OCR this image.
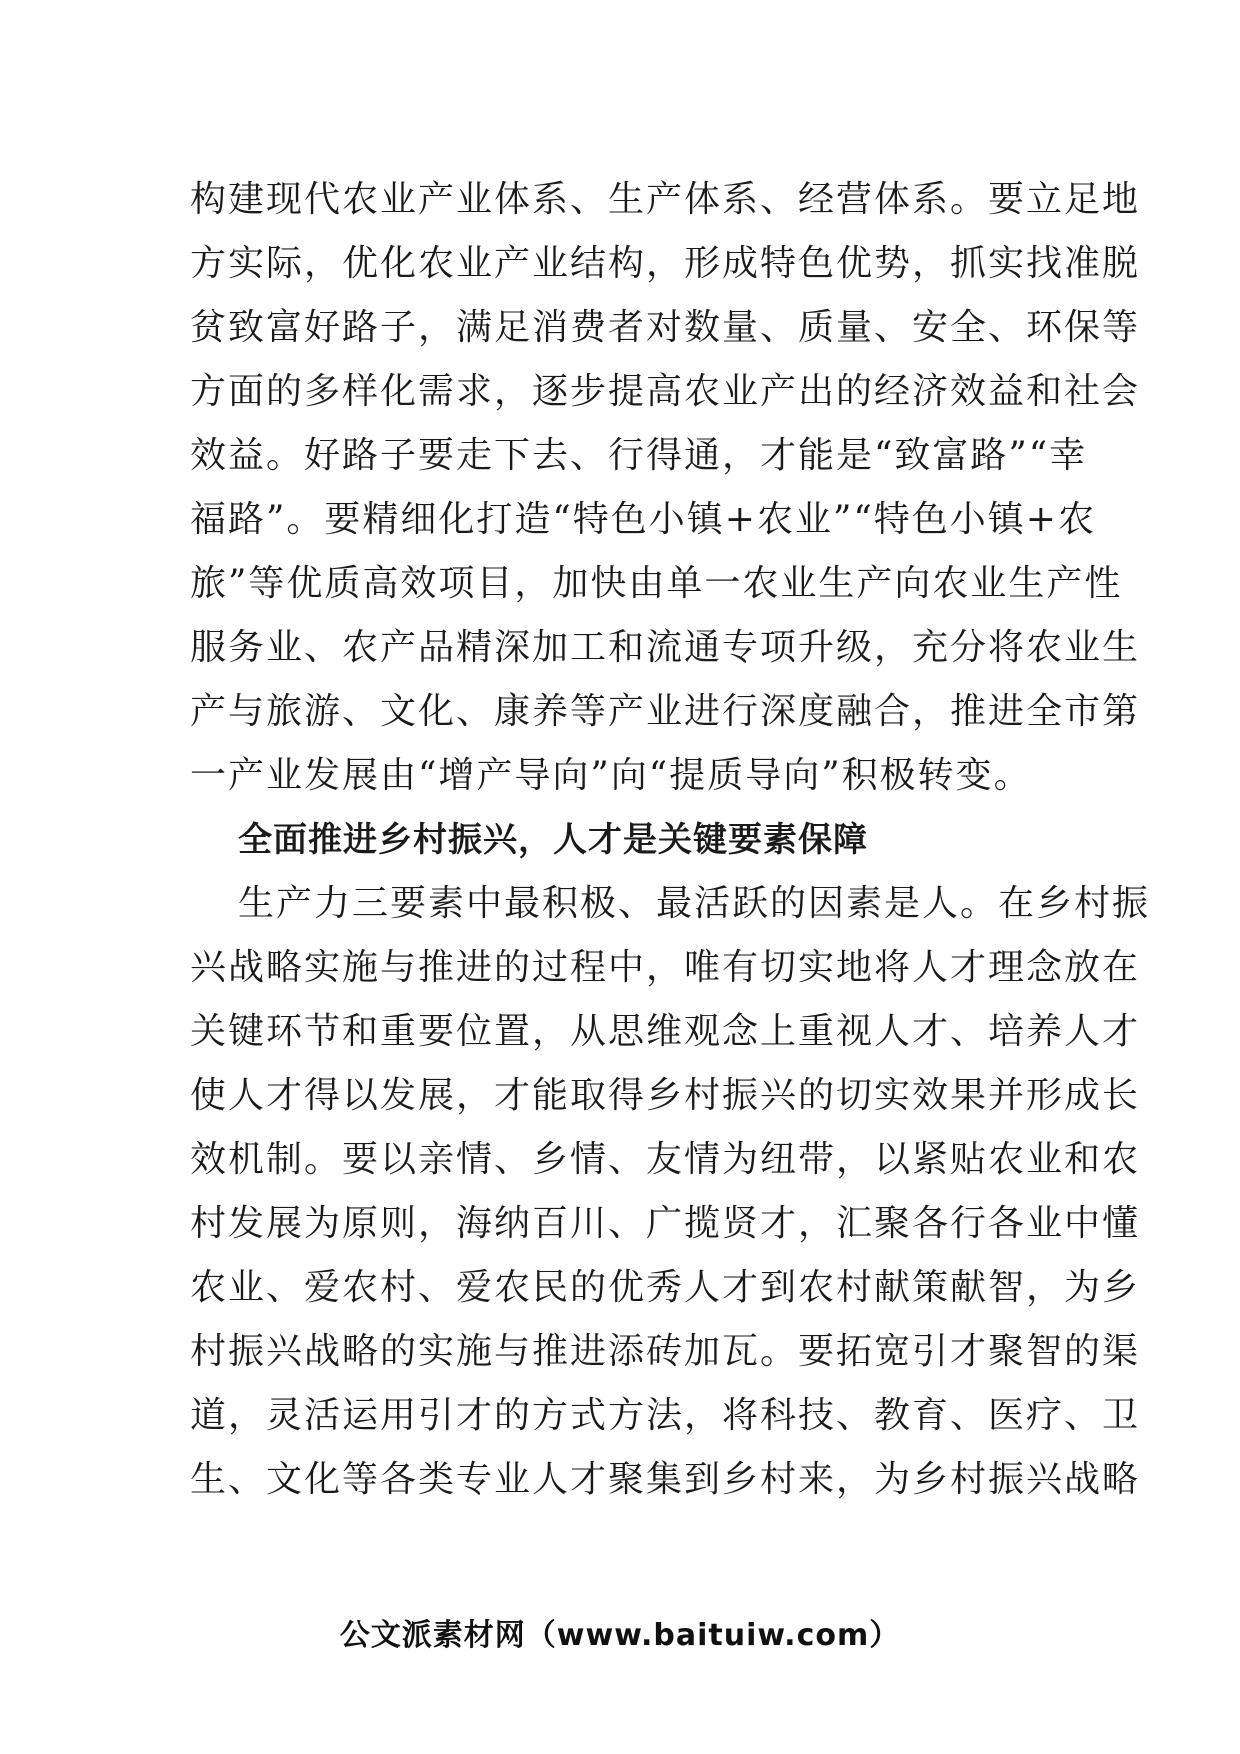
构建现代农业产业体系、生产体系、经营体系。要立足地
方实际，优化农业产业结构，形成特色优势，抓实找准脱
贫致富好路子，满足消费者对数量、质量、安全、环保等
方面的多样化需求，逐步提高农业产出的经济效益和社会
效益。好路子要走下去、行得通，才能是“致富路”“幸
福路”。要精细化打造“特色小镇+农业”“特色小镇+农
旅”等优质高效项目，加快由单一农业生产向农业生产性
服务业、农产品精深加工和流通专项升级，充分将农业生
产与旅游、文化、康养等产业进行深度融合，推进全市第
一产业发展由“增产导向”向“提质导向”积极转变。
全面推进乡村振兴，人才是关键要素保障
生产力三要素中最积极、最活跃的因素是人。在乡村振
兴战略实施与推进的过程中，唯有切实地将人才理念放在
关键环节和重要位置，从思维观念上重视人才、培养人才
使人才得以发展，才能取得乡村振兴的切实效果并形成长
效机制。要以亲情、乡情、友情为纽带，以紧贴农业和农
村发展为原则，海纳百川、广揽贤才，汇聚各行各业中懂
农业、爱农村、爱农民的优秀人才到农村献策献智，为乡
村振兴战略的实施与推进添砖加瓦。要拓宽引才聚智的渠
道，灵活运用引才的方式方法，将科技、教育、医疗、卫
生、文化等各类专业人才聚集到乡村来，为乡村振兴战略
公文派素材网（www.baituiw.com）
